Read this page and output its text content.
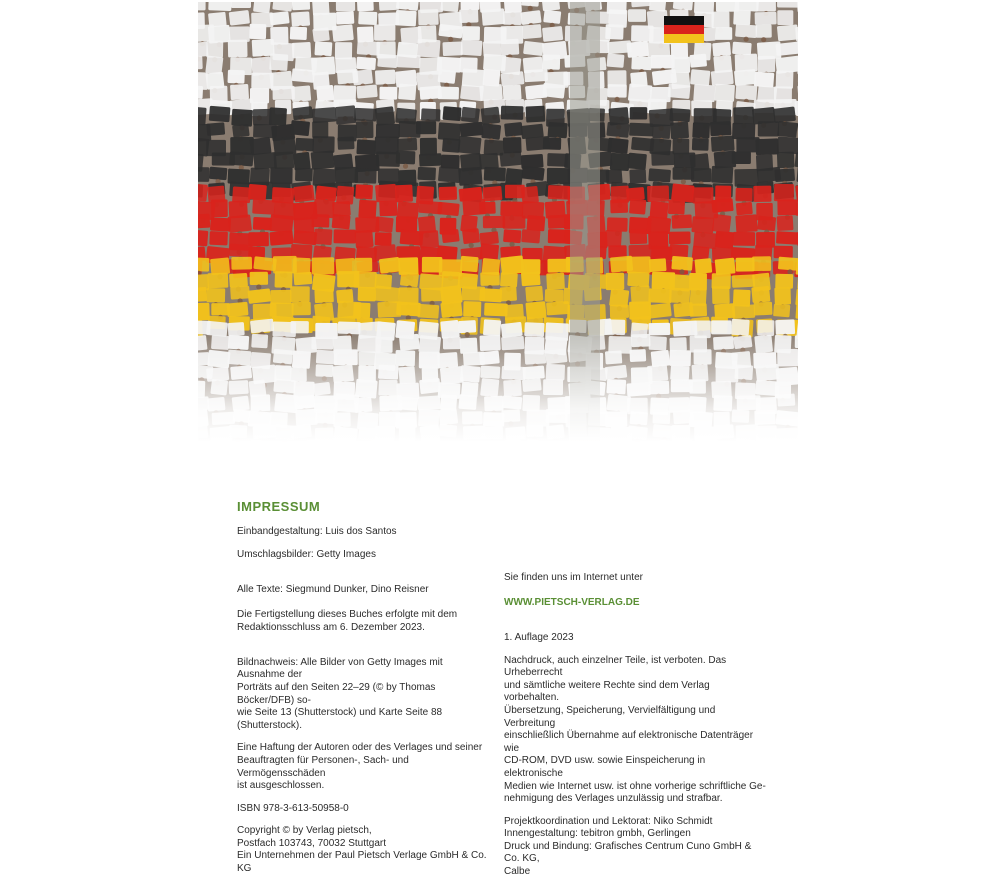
IMPRESSUM
Einbandgestaltung: Luis dos Santos
Umschlagsbilder: Getty Images

Alle Texte: Siegmund Dunker, Dino Reisner

Die Fertigstellung dieses Buches erfolgte mit dem
Redaktionsschluss am 6. Dezember 2023.

Bildnachweis: Alle Bilder von Getty Images mit Ausnahme der
Porträts auf den Seiten 22–29 (© by Thomas Böcker/DFB) so-
wie Seite 13 (Shutterstock) und Karte Seite 88 (Shutterstock).
Eine Haftung der Autoren oder des Verlages und seiner
Beauftragten für Personen-, Sach- und Vermögensschäden
ist ausgeschlossen.
ISBN 978-3-613-50958-0
Copyright © by Verlag pietsch,
Postfach 103743, 70032 Stuttgart
Ein Unternehmen der Paul Pietsch Verlage GmbH & Co. KG

Sie finden uns im Internet unter

WWW.PIETSCH-VERLAG.DE

1. Auflage 2023
Nachdruck, auch einzelner Teile, ist verboten. Das Urheberrecht
und sämtliche weitere Rechte sind dem Verlag vorbehalten.
Übersetzung, Speicherung, Vervielfältigung und Verbreitung
einschließlich Übernahme auf elektronische Datenträger wie
CD-ROM, DVD usw. sowie Einspeicherung in elektronische
Medien wie Internet usw. ist ohne vorherige schriftliche Ge-
nehmigung des Verlages unzulässig und strafbar.
Projektkoordination und Lektorat: Niko Schmidt
Innengestaltung: tebitron gmbh, Gerlingen
Druck und Bindung: Grafisches Centrum Cuno GmbH & Co. KG,
Calbe
